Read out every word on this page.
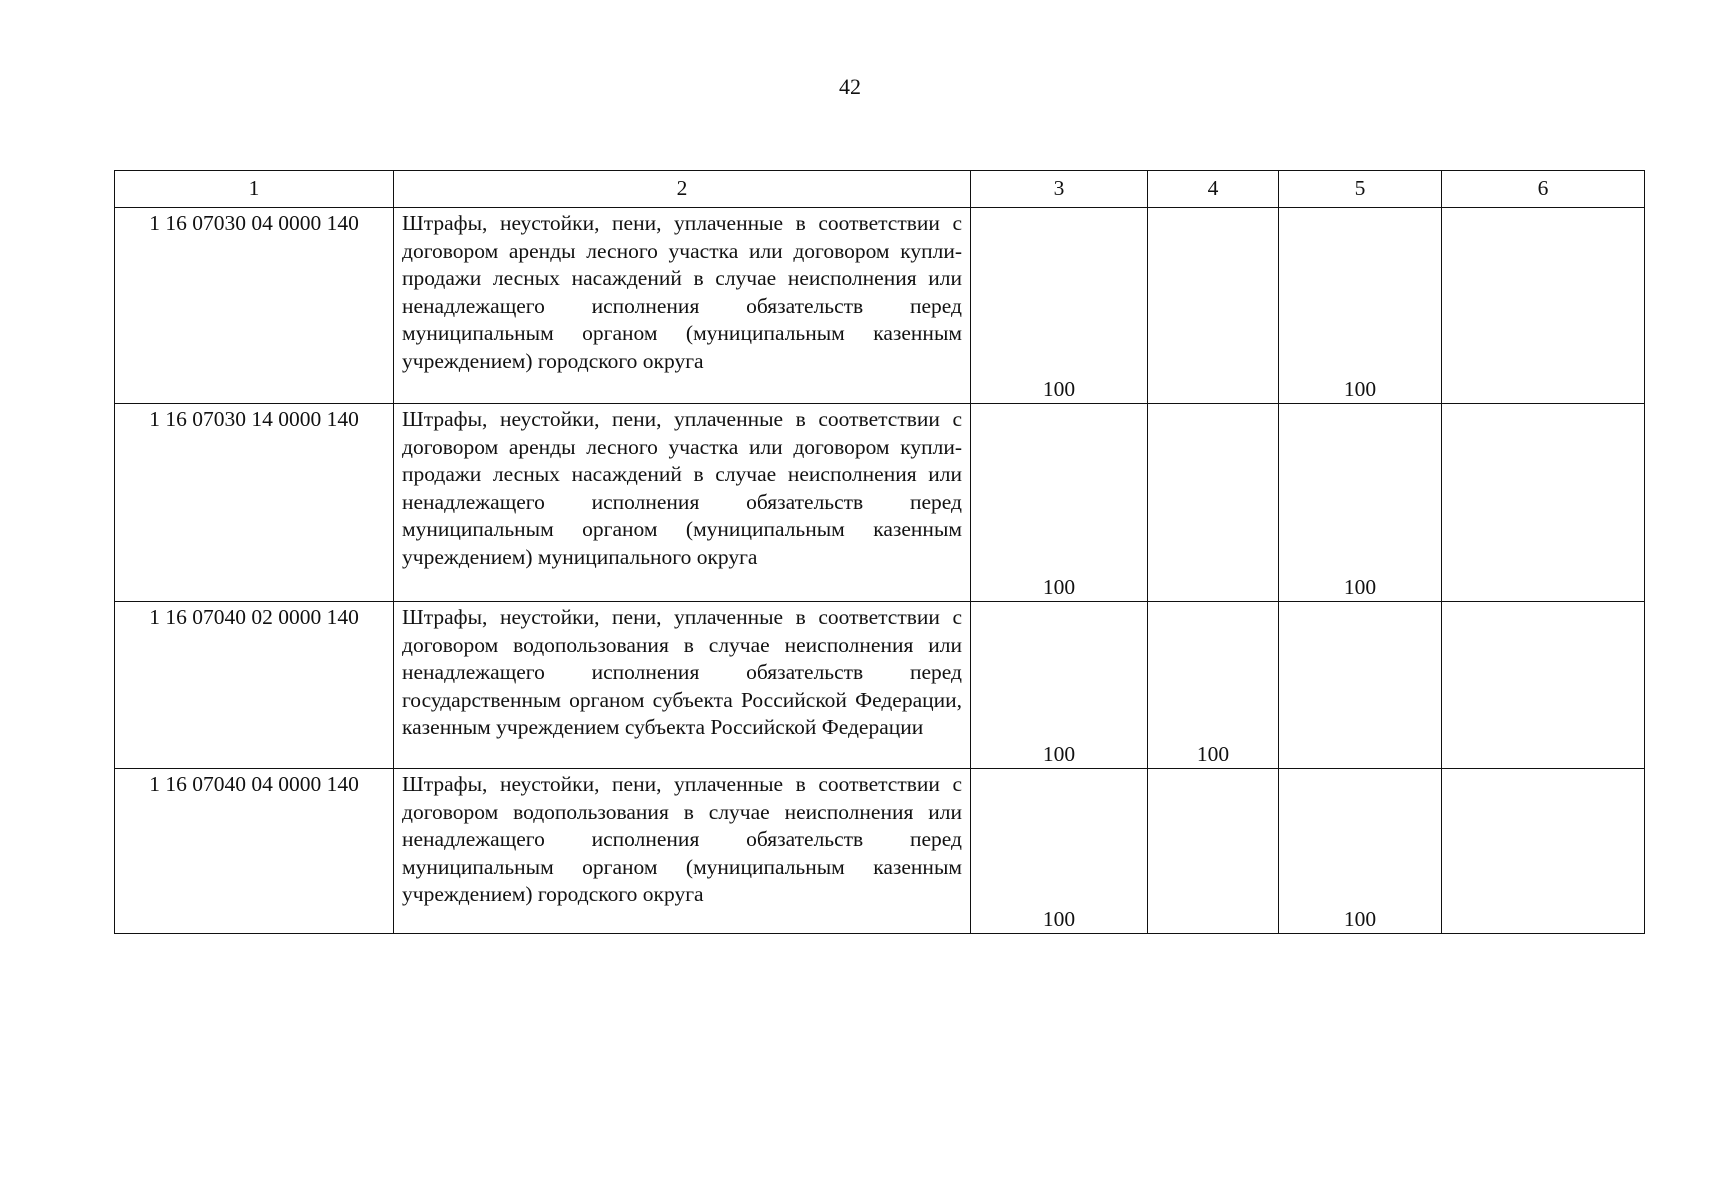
42
1	2	3	4	5	6
1 16 07030 04 0000 140	Штрафы, неустойки, пени, уплаченные в соответствии с договором аренды лесного участка или договором купли-продажи лесных насаждений в случае неисполнения или ненадлежащего исполнения обязательств перед муниципальным органом (муниципальным казенным учреждением) городского округа	100		100	
1 16 07030 14 0000 140	Штрафы, неустойки, пени, уплаченные в соответствии с договором аренды лесного участка или договором купли-продажи лесных насаждений в случае неисполнения или ненадлежащего исполнения обязательств перед муниципальным органом (муниципальным казенным учреждением) муниципального округа	100		100	
1 16 07040 02 0000 140	Штрафы, неустойки, пени, уплаченные в соответствии с договором водопользования в случае неисполнения или ненадлежащего исполнения обязательств перед государственным органом субъекта Российской Федерации, казенным учреждением субъекта Российской Федерации	100	100		
1 16 07040 04 0000 140	Штрафы, неустойки, пени, уплаченные в соответствии с договором водопользования в случае неисполнения или ненадлежащего исполнения обязательств перед муниципальным органом (муниципальным казенным учреждением) городского округа	100		100	
